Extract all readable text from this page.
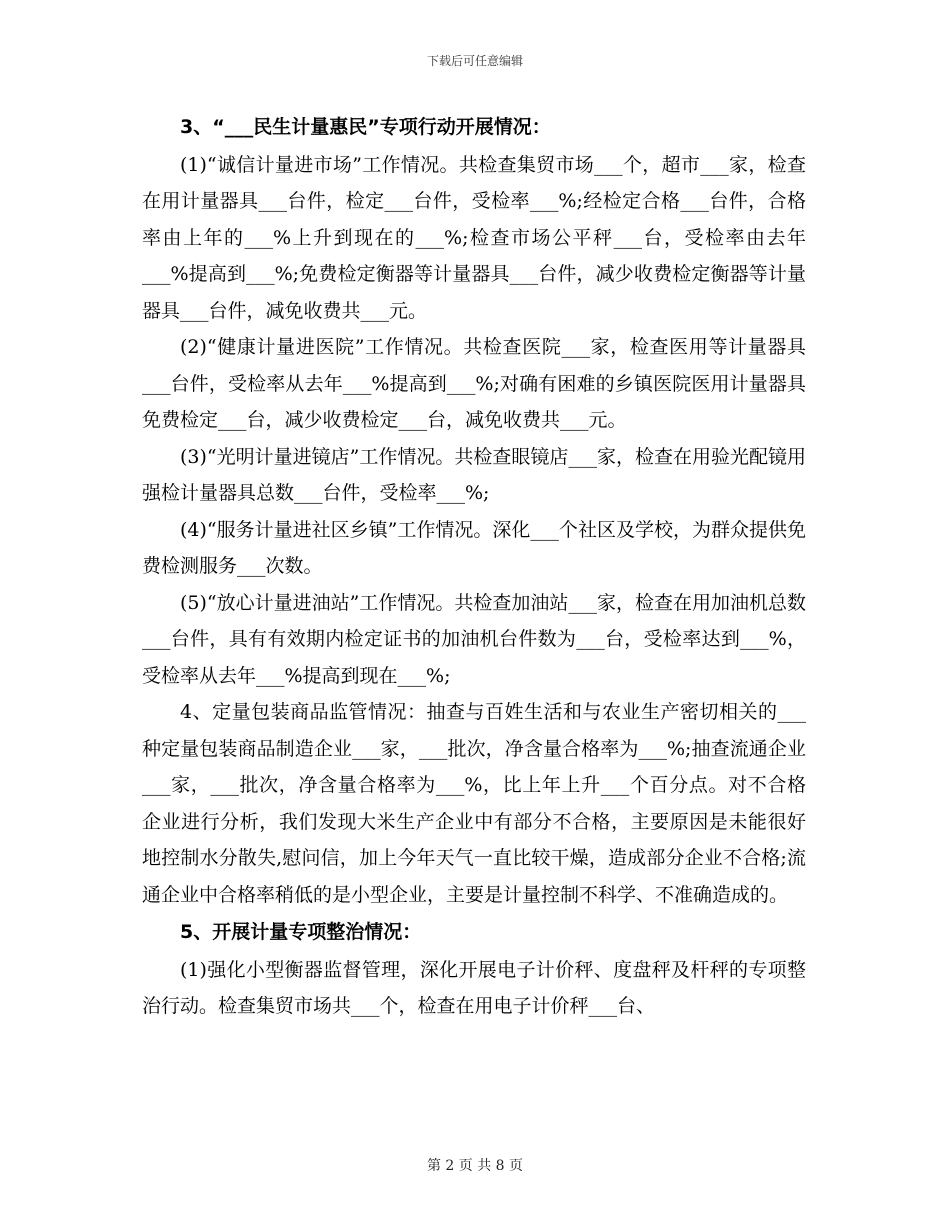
下载后可任意编辑

3、“___民生计量惠民”专项行动开展情况：

(1)“诚信计量进市场”工作情况。共检查集贸市场___个，超市___家，检查在用计量器具___台件，检定___台件，受检率___%;经检定合格___台件，合格率由上年的___%上升到现在的___%;检查市场公平秤___台，受检率由去年___%提高到___%;免费检定衡器等计量器具___台件，减少收费检定衡器等计量器具___台件，减免收费共___元。

(2)“健康计量进医院”工作情况。共检查医院___家，检查医用等计量器具___台件，受检率从去年___%提高到___%;对确有困难的乡镇医院医用计量器具免费检定___台，减少收费检定___台，减免收费共___元。

(3)“光明计量进镜店”工作情况。共检查眼镜店___家，检查在用验光配镜用强检计量器具总数___台件，受检率___%;

(4)“服务计量进社区乡镇”工作情况。深化___个社区及学校，为群众提供免费检测服务___次数。

(5)“放心计量进油站”工作情况。共检查加油站___家，检查在用加油机总数___台件，具有有效期内检定证书的加油机台件数为___台，受检率达到___%，受检率从去年___%提高到现在___%;

4、定量包装商品监管情况：抽查与百姓生活和与农业生产密切相关的___种定量包装商品制造企业___家，___批次，净含量合格率为___%;抽查流通企业___家，___批次，净含量合格率为___%，比上年上升___个百分点。对不合格企业进行分析，我们发现大米生产企业中有部分不合格，主要原因是未能很好地控制水分散失,慰问信，加上今年天气一直比较干燥，造成部分企业不合格;流通企业中合格率稍低的是小型企业，主要是计量控制不科学、不准确造成的。

5、开展计量专项整治情况：

(1)强化小型衡器监督管理，深化开展电子计价秤、度盘秤及杆秤的专项整治行动。检查集贸市场共___个，检查在用电子计价秤___台、

第 2 页 共 8 页
